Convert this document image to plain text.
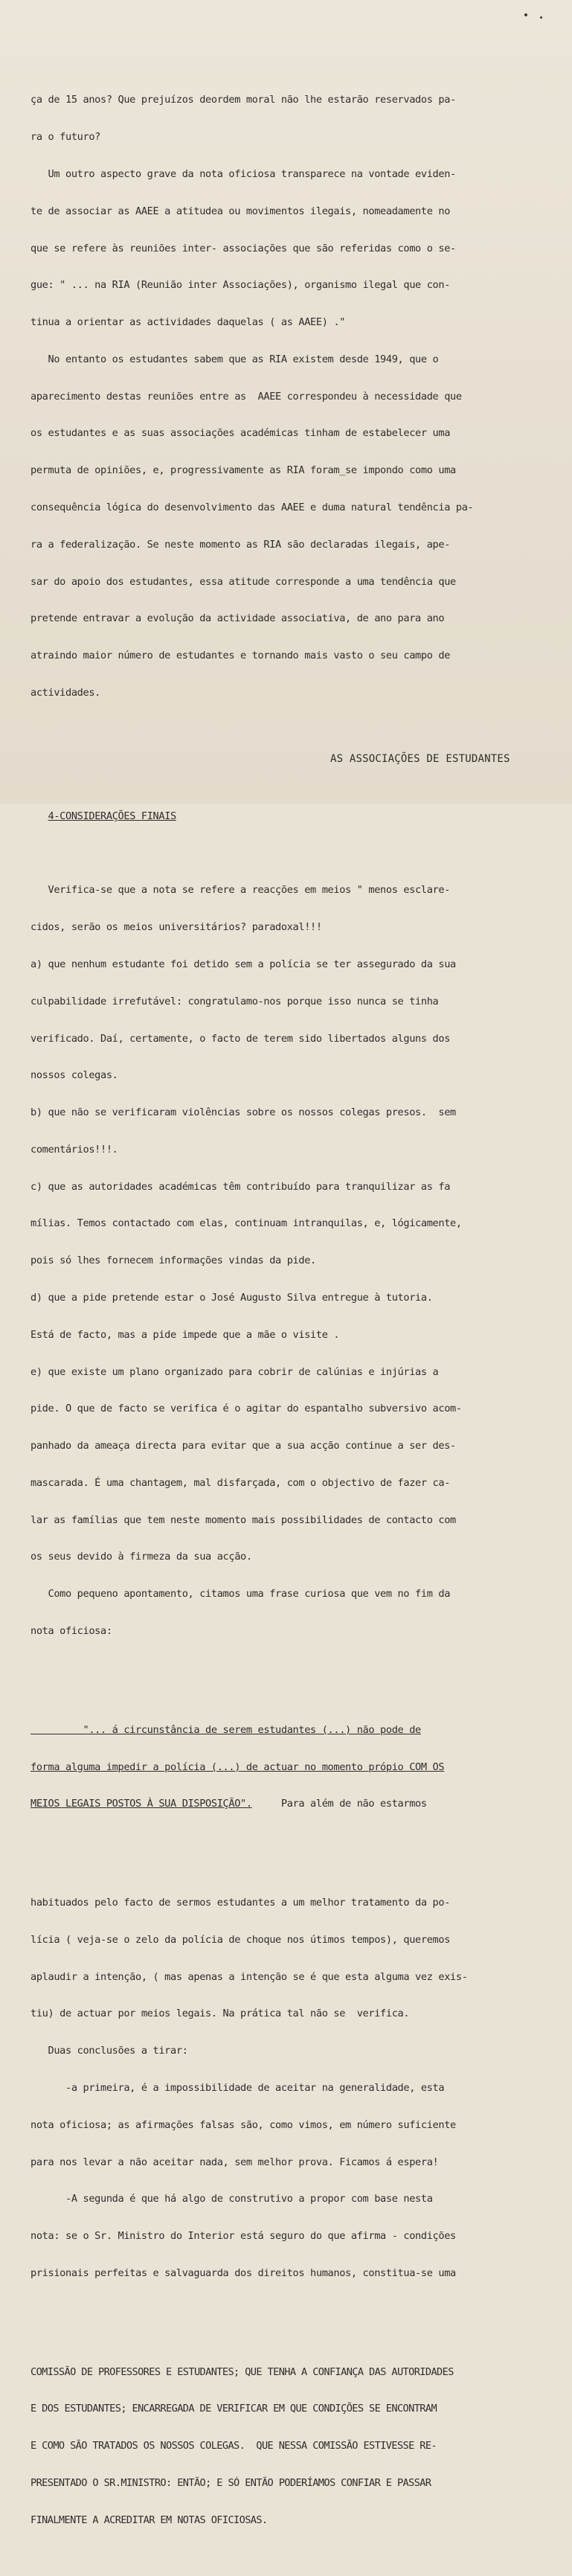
ça de 15 anos? Que prejuízos deordem moral não lhe estarão reservados pa-

ra o futuro?

Um outro aspecto grave da nota oficiosa transparece na vontade eviden-

te de associar as AAEE a atitudea ou movimentos ilegais, nomeadamente no

que se refere às reuniões inter- associações que são referidas como o se-

gue: " ... na RIA (Reunião inter Associações), organismo ilegal que con-

tinua a orientar as actividades daquelas ( as AAEE) ."

No entanto os estudantes sabem que as RIA existem desde 1949, que o

aparecimento destas reuniões entre as  AAEE correspondeu à necessidade que

os estudantes e as suas associações académicas tinham de estabelecer uma

permuta de opiniões, e, progressivamente as RIA foram_se impondo como uma

consequência lógica do desenvolvimento das AAEE e duma natural tendência pa-

ra a federalização. Se neste momento as RIA são declaradas ilegais, ape-

sar do apoio dos estudantes, essa atitude corresponde a uma tendência que

pretende entravar a evolução da actividade associativa, de ano para ano

atraindo maior número de estudantes e tornando mais vasto o seu campo de

actividades.

4-CONSIDERAÇÕES FINAIS

Verifica-se que a nota se refere a reacções em meios " menos esclare-

cidos, serão os meios universitários? paradoxal!!!

a) que nenhum estudante foi detido sem a polícia se ter assegurado da sua

culpabilidade irrefutável: congratulamo-nos porque isso nunca se tinha

verificado. Daí, certamente, o facto de terem sido libertados alguns dos

nossos colegas.

b) que não se verificaram violências sobre os nossos colegas presos.  sem

comentários!!!.

c) que as autoridades académicas têm contribuído para tranquilizar as fa

mílias. Temos contactado com elas, continuam intranquilas, e, lógicamente,

pois só lhes fornecem informações vindas da pide.

d) que a pide pretende estar o José Augusto Silva entregue à tutoria.

Está de facto, mas a pide impede que a mãe o visite .

e) que existe um plano organizado para cobrir de calúnias e injúrias a

pide. O que de facto se verifica é o agitar do espantalho subversivo acom-

panhado da ameaça directa para evitar que a sua acção continue a ser des-

mascarada. É uma chantagem, mal disfarçada, com o objectivo de fazer ca-

lar as famílias que tem neste momento mais possibilidades de contacto com

os seus devido à firmeza da sua acção.

Como pequeno apontamento, citamos uma frase curiosa que vem no fim da

nota oficiosa:

"... á circunstância de serem estudantes (...) não pode de

forma alguma impedir a polícia (...) de actuar no momento própio COM OS

MEIOS LEGAIS POSTOS À SUA DISPOSIÇÃO".     Para além de não estarmos

habituados pelo facto de sermos estudantes a um melhor tratamento da po-

lícia ( veja-se o zelo da polícia de choque nos útimos tempos), queremos

aplaudir a intenção, ( mas apenas a intenção se é que esta alguma vez exis-

tiu) de actuar por meios legais. Na prática tal não se  verifica.

Duas conclusões a tirar:

-a primeira, é a impossibilidade de aceitar na generalidade, esta

nota oficiosa; as afirmações falsas são, como vimos, em número suficiente

para nos levar a não aceitar nada, sem melhor prova. Ficamos á espera!

-A segunda é que há algo de construtivo a propor com base nesta

nota: se o Sr. Ministro do Interior está seguro do que afirma - condições

prisionais perfeitas e salvaguarda dos direitos humanos, constitua-se uma

COMISSÃO DE PROFESSORES E ESTUDANTES; QUE TENHA A CONFIANÇA DAS AUTORIDADES

E DOS ESTUDANTES; ENCARREGADA DE VERIFICAR EM QUE CONDIÇÕES SE ENCONTRAM

E COMO SÃO TRATADOS OS NOSSOS COLEGAS.  QUE NESSA COMISSÃO ESTIVESSE RE-

PRESENTADO O SR.MINISTRO: ENTÃO; E SÓ ENTÃO PODERÍAMOS CONFIAR E PASSAR

FINALMENTE A ACREDITAR EM NOTAS OFICIOSAS.

AS ASSOCIAÇÕES DE ESTUDANTES
